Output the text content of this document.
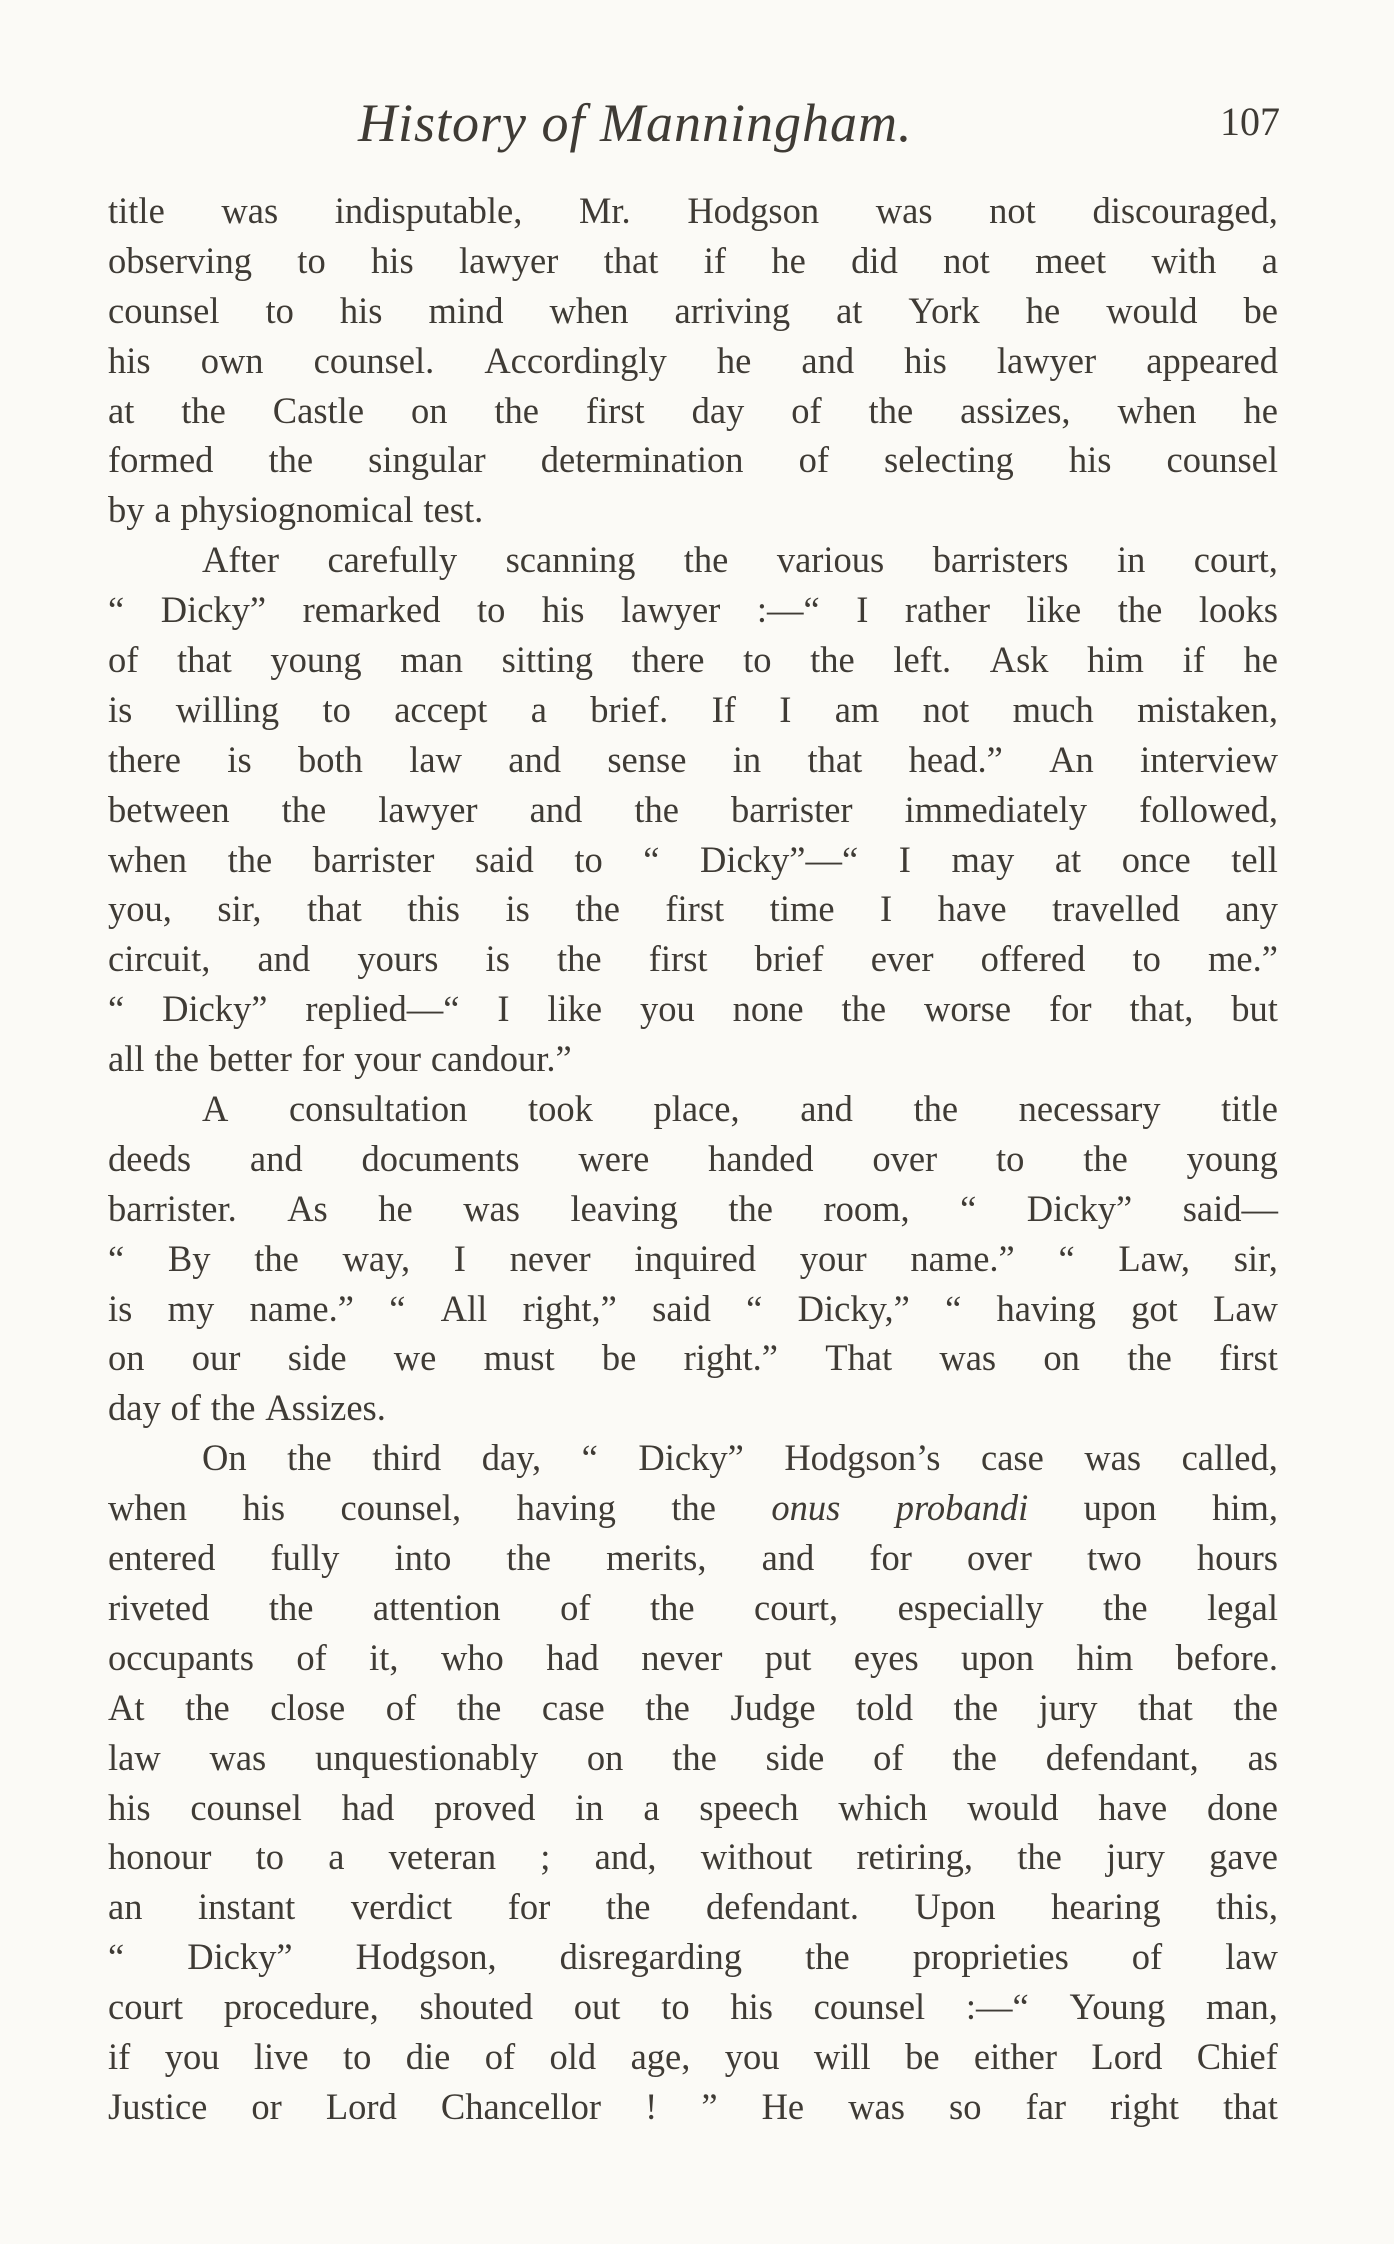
History of Manningham.	107
title was indisputable, Mr. Hodgson was not discouraged,
observing to his lawyer that if he did not meet with a
counsel to his mind when arriving at York he would be
his own counsel. Accordingly he and his lawyer appeared
at the Castle on the first day of the assizes, when he
formed the singular determination of selecting his counsel
by a physiognomical test.
After carefully scanning the various barristers in court,
“ Dicky” remarked to his lawyer :—“ I rather like the looks
of that young man sitting there to the left. Ask him if he
is willing to accept a brief. If I am not much mistaken,
there is both law and sense in that head.” An interview
between the lawyer and the barrister immediately followed,
when the barrister said to “ Dicky”—“ I may at once tell
you, sir, that this is the first time I have travelled any
circuit, and yours is the first brief ever offered to me.”
“ Dicky” replied—“ I like you none the worse for that, but
all the better for your candour.”
A consultation took place, and the necessary title
deeds and documents were handed over to the young
barrister. As he was leaving the room, “ Dicky” said—
“ By the way, I never inquired your name.” “ Law, sir,
is my name.” “ All right,” said “ Dicky,” “ having got Law
on our side we must be right.” That was on the first
day of the Assizes.
On the third day, “ Dicky” Hodgson’s case was called,
when his counsel, having the onus probandi upon him,
entered fully into the merits, and for over two hours
riveted the attention of the court, especially the legal
occupants of it, who had never put eyes upon him before.
At the close of the case the Judge told the jury that the
law was unquestionably on the side of the defendant, as
his counsel had proved in a speech which would have done
honour to a veteran ; and, without retiring, the jury gave
an instant verdict for the defendant. Upon hearing this,
“ Dicky” Hodgson, disregarding the proprieties of law
court procedure, shouted out to his counsel :—“ Young man,
if you live to die of old age, you will be either Lord Chief
Justice or Lord Chancellor ! ” He was so far right that
